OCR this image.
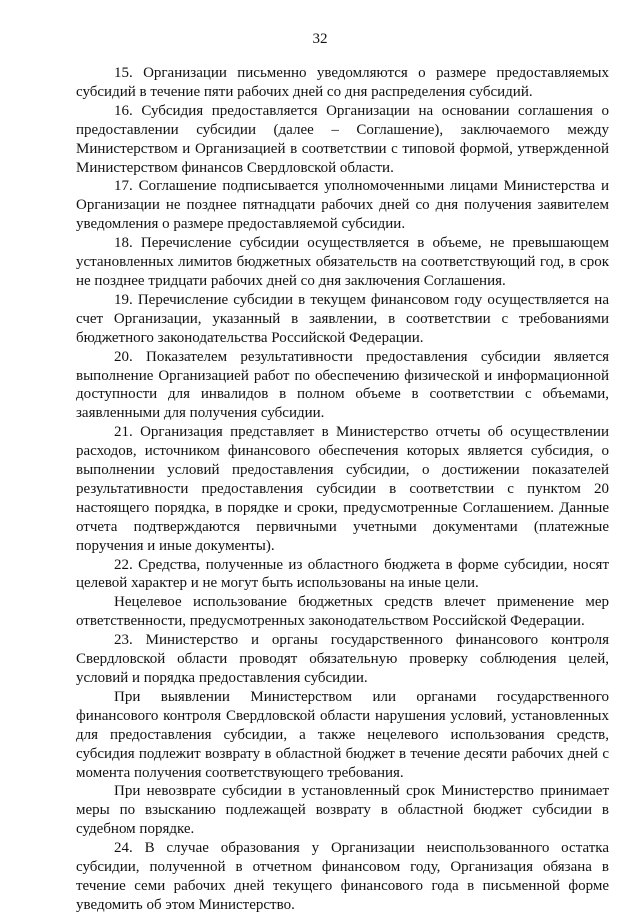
32

15. Организации письменно уведомляются о размере предоставляемых субсидий в течение пяти рабочих дней со дня распределения субсидий.

16. Субсидия предоставляется Организации на основании соглашения о предоставлении субсидии (далее – Соглашение), заключаемого между Министерством и Организацией в соответствии с типовой формой, утвержденной Министерством финансов Свердловской области.

17. Соглашение подписывается уполномоченными лицами Министерства и Организации не позднее пятнадцати рабочих дней со дня получения заявителем уведомления о размере предоставляемой субсидии.

18. Перечисление субсидии осуществляется в объеме, не превышающем установленных лимитов бюджетных обязательств на соответствующий год, в срок не позднее тридцати рабочих дней со дня заключения Соглашения.

19. Перечисление субсидии в текущем финансовом году осуществляется на счет Организации, указанный в заявлении, в соответствии с требованиями бюджетного законодательства Российской Федерации.

20. Показателем результативности предоставления субсидии является выполнение Организацией работ по обеспечению физической и информационной доступности для инвалидов в полном объеме в соответствии с объемами, заявленными для получения субсидии.

21. Организация представляет в Министерство отчеты об осуществлении расходов, источником финансового обеспечения которых является субсидия, о выполнении условий предоставления субсидии, о достижении показателей результативности предоставления субсидии в соответствии с пунктом 20 настоящего порядка, в порядке и сроки, предусмотренные Соглашением. Данные отчета подтверждаются первичными учетными документами (платежные поручения и иные документы).

22. Средства, полученные из областного бюджета в форме субсидии, носят целевой характер и не могут быть использованы на иные цели.

Нецелевое использование бюджетных средств влечет применение мер ответственности, предусмотренных законодательством Российской Федерации.

23. Министерство и органы государственного финансового контроля Свердловской области проводят обязательную проверку соблюдения целей, условий и порядка предоставления субсидии.

При выявлении Министерством или органами государственного финансового контроля Свердловской области нарушения условий, установленных для предоставления субсидии, а также нецелевого использования средств, субсидия подлежит возврату в областной бюджет в течение десяти рабочих дней с момента получения соответствующего требования.

При невозврате субсидии в установленный срок Министерство принимает меры по взысканию подлежащей возврату в областной бюджет субсидии в судебном порядке.

24. В случае образования у Организации неиспользованного остатка субсидии, полученной в отчетном финансовом году, Организация обязана в течение семи рабочих дней текущего финансового года в письменной форме уведомить об этом Министерство.
